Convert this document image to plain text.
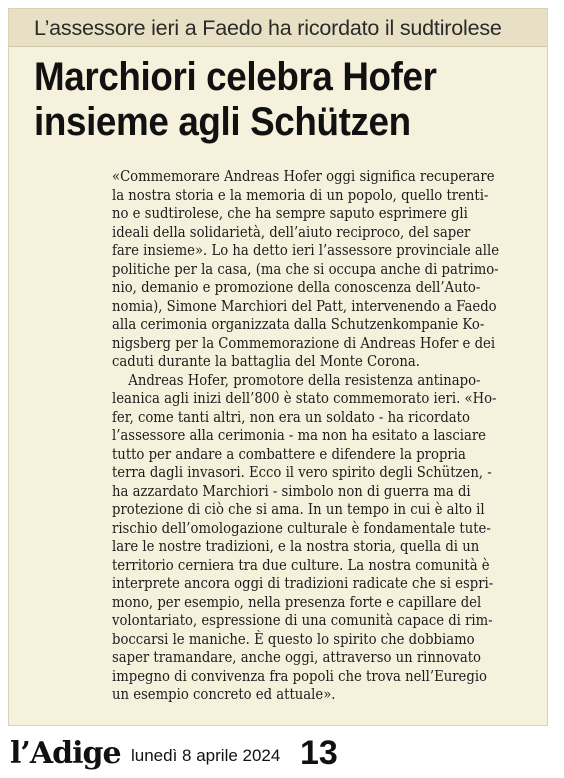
L’assessore ieri a Faedo ha ricordato il sudtirolese
Marchiori celebra Hofer
insieme agli Schützen

«Commemorare Andreas Hofer oggi significa recuperare
la nostra storia e la memoria di un popolo, quello trenti-
no e sudtirolese, che ha sempre saputo esprimere gli
ideali della solidarietà, dell’aiuto reciproco, del saper
fare insieme». Lo ha detto ieri l’assessore provinciale alle
politiche per la casa, (ma che si occupa anche di patrimo-
nio, demanio e promozione della conoscenza dell’Auto-
nomia), Simone Marchiori del Patt, intervenendo a Faedo
alla cerimonia organizzata dalla Schutzenkompanie Ko-
nigsberg per la Commemorazione di Andreas Hofer e dei
caduti durante la battaglia del Monte Corona.

Andreas Hofer, promotore della resistenza antinapo-
leanica agli inizi dell’800 è stato commemorato ieri. «Ho-
fer, come tanti altri, non era un soldato - ha ricordato
l’assessore alla cerimonia - ma non ha esitato a lasciare
tutto per andare a combattere e difendere la propria
terra dagli invasori. Ecco il vero spirito degli Schützen, -
ha azzardato Marchiori - simbolo non di guerra ma di
protezione di ciò che si ama. In un tempo in cui è alto il
rischio dell’omologazione culturale è fondamentale tute-
lare le nostre tradizioni, e la nostra storia, quella di un
territorio cerniera tra due culture. La nostra comunità è
interprete ancora oggi di tradizioni radicate che si espri-
mono, per esempio, nella presenza forte e capillare del
volontariato, espressione di una comunità capace di rim-
boccarsi le maniche. È questo lo spirito che dobbiamo
saper tramandare, anche oggi, attraverso un rinnovato
impegno di convivenza fra popoli che trova nell’Euregio
un esempio concreto ed attuale».

l’Adige lunedì 8 aprile 2024 13
